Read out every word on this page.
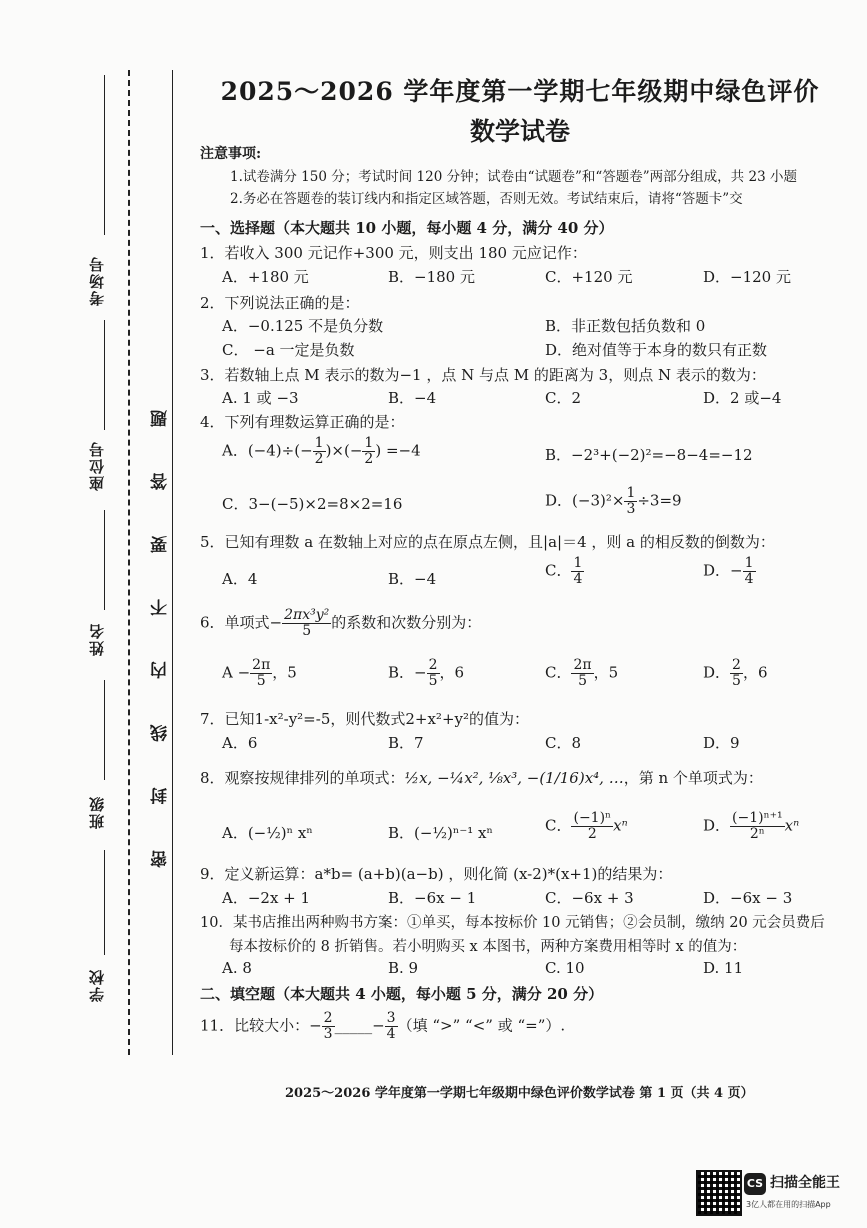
考场号
座位号
姓名
班级
学校
密 封 线 内 不 要 答 题
2025～2026 学年度第一学期七年级期中绿色评价
数学试卷
注意事项:
1.试卷满分 150 分；考试时间 120 分钟；试卷由“试题卷”和“答题卷”两部分组成，共 23 小题
2.务必在答题卷的装订线内和指定区域答题，否则无效。考试结束后，请将“答题卡”交
一、选择题（本大题共 10 小题，每小题 4 分，满分 40 分）
1．若收入 300 元记作+300 元，则支出 180 元应记作：
A．+180 元	B．−180 元	C．+120 元	D．−120 元
2．下列说法正确的是：
A．−0.125 不是负分数	B．非正数包括负数和 0
C． −a 一定是负数	D．绝对值等于本身的数只有正数
3．若数轴上点 M 表示的数为−1 ，点 N 与点 M 的距离为 3，则点 N 表示的数为：
A. 1 或 −3	B．−4	C．2	D．2 或−4
4．下列有理数运算正确的是：
A．$(-4)\div(- \frac{1}{2}$ )×(− $\frac{1}{2}$ ) =−4	B．−2³+(−2)²=−8−4=−12
C．3−(−5)×2=8×2=16	D．$(-3)^2\times \frac{1}{3} \div 3=9$
5．已知有理数 a 在数轴上对应的点在原点左侧，且|a|＝4 ，则 a 的相反数的倒数为：
A．4	B．−4	C． $\frac{1}{4}$	D．− $\frac{1}{4}$
6．单项式− $\frac{\text{2πx³y²}}{5}$ 的系数和次数分别为：
$A - \frac{2\pi}{5}$ ，5	B．− $\frac{2}{5}$ ，6	C． $\frac{2\pi}{5}$ ，5	D． $\frac{2}{5}$ ，6
7．已知1-x²-y²=-5，则代数式2+x²+y²的值为：
A．6	B．7	C．8	D．9
8．观察按规律排列的单项式：½x, −¼x², ⅛x³, −(1/16)x⁴, …，第 n 个单项式为：
A．(−½)ⁿ xⁿ	B．(−½)ⁿ⁻¹ xⁿ	C． $\frac{\text{(−1)ⁿ}}{2}$ xⁿ	D． $\frac{\text{(−1)ⁿ⁺¹}}{\text{2ⁿ}}$ xⁿ
9．定义新运算：a*b= (a+b)(a−b) ，则化简 (x-2)*(x+1)的结果为：
A．−2x + 1	B．−6x − 1	C．−6x + 3	D．−6x − 3
10．某书店推出两种购书方案：①单买，每本按标价 10 元销售；②会员制，缴纳 20 元会员费后
每本按标价的 8 折销售。若小明购买 x 本图书，两种方案费用相等时 x 的值为：
A. 8	B. 9	C. 10	D. 11
二、填空题（本大题共 4 小题，每小题 5 分，满分 20 分）
11．比较大小：− $\frac{2}{3}$ _____− $\frac{3}{4}$ （填 “>” “<” 或 “=”）.
2025～2026 学年度第一学期七年级期中绿色评价数学试卷 第 1 页（共 4 页）
CS 扫描全能王
3亿人都在用的扫描App
